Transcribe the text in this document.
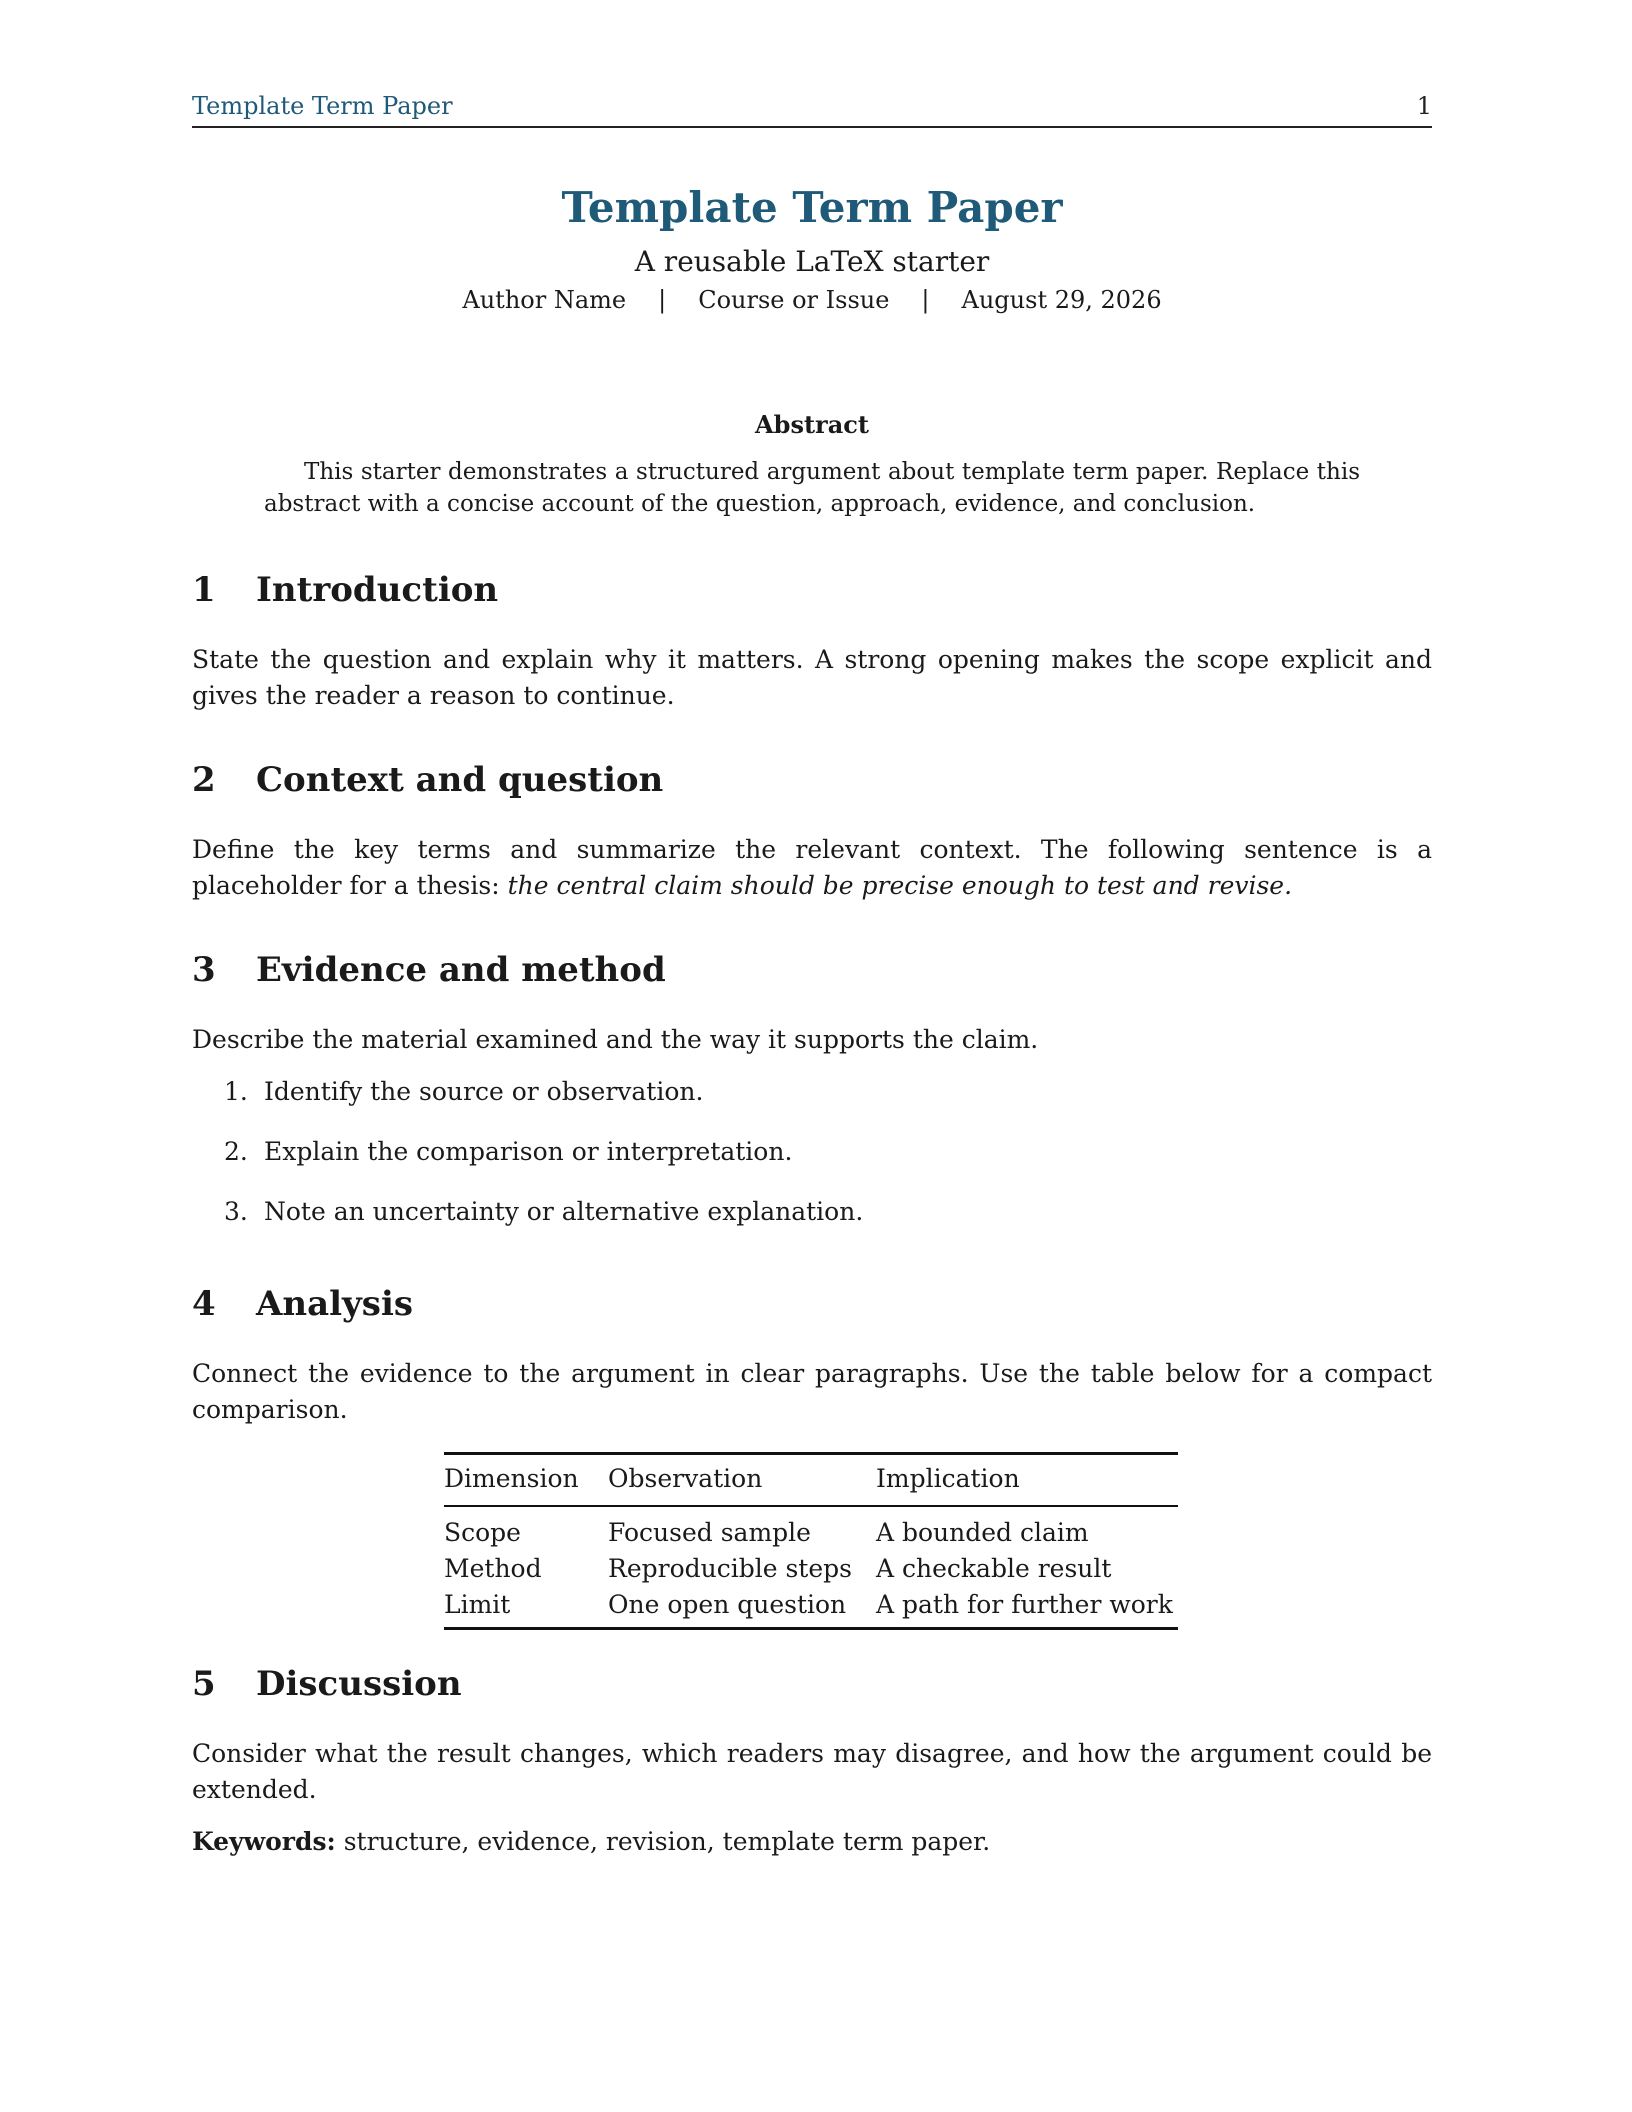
Template Term Paper	1
Template Term Paper
A reusable LaTeX starter
Author Name | Course or Issue | August 29, 2026
Abstract
This starter demonstrates a structured argument about template term paper. Replace this abstract with a concise account of the question, approach, evidence, and conclusion.
1	Introduction

State the question and explain why it matters. A strong opening makes the scope explicit and gives the reader a reason to continue.

2	Context and question

Define the key terms and summarize the relevant context. The following sentence is a placeholder for a thesis: the central claim should be precise enough to test and revise.

3	Evidence and method

Describe the material examined and the way it supports the claim.

1. Identify the source or observation.
2. Explain the comparison or interpretation.
3. Note an uncertainty or alternative explanation.
4	Analysis

Connect the evidence to the argument in clear paragraphs. Use the table below for a compact comparison.

Dimension	Observation	Implication
Scope	Focused sample	A bounded claim
Method	Reproducible steps	A checkable result
Limit	One open question	A path for further work
5	Discussion

Consider what the result changes, which readers may disagree, and how the argument could be extended.

Keywords: structure, evidence, revision, template term paper.
